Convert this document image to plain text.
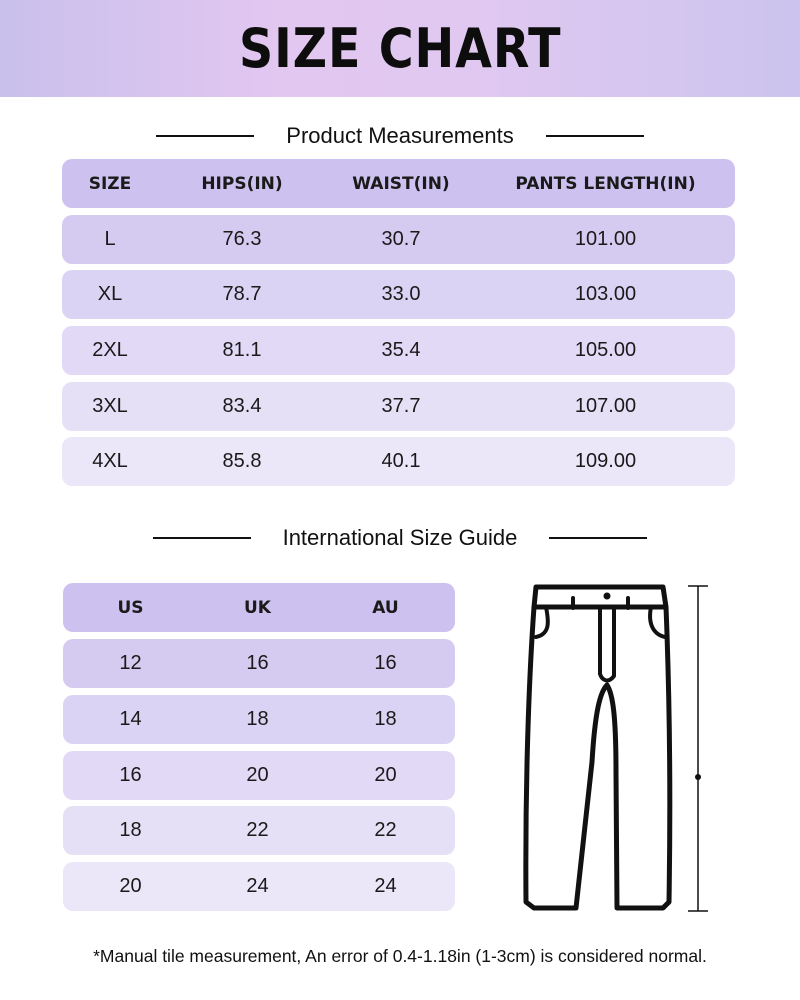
SIZE CHART
Product Measurements
SIZE	HIPS(IN)	WAIST(IN)	PANTS LENGTH(IN)
L	76.3	30.7	101.00
XL	78.7	33.0	103.00
2XL	81.1	35.4	105.00
3XL	83.4	37.7	107.00
4XL	85.8	40.1	109.00
International Size Guide
US	UK	AU
12	16	16
14	18	18
16	20	20
18	22	22
20	24	24
*Manual tile measurement, An error of 0.4-1.18in (1-3cm) is considered normal.
